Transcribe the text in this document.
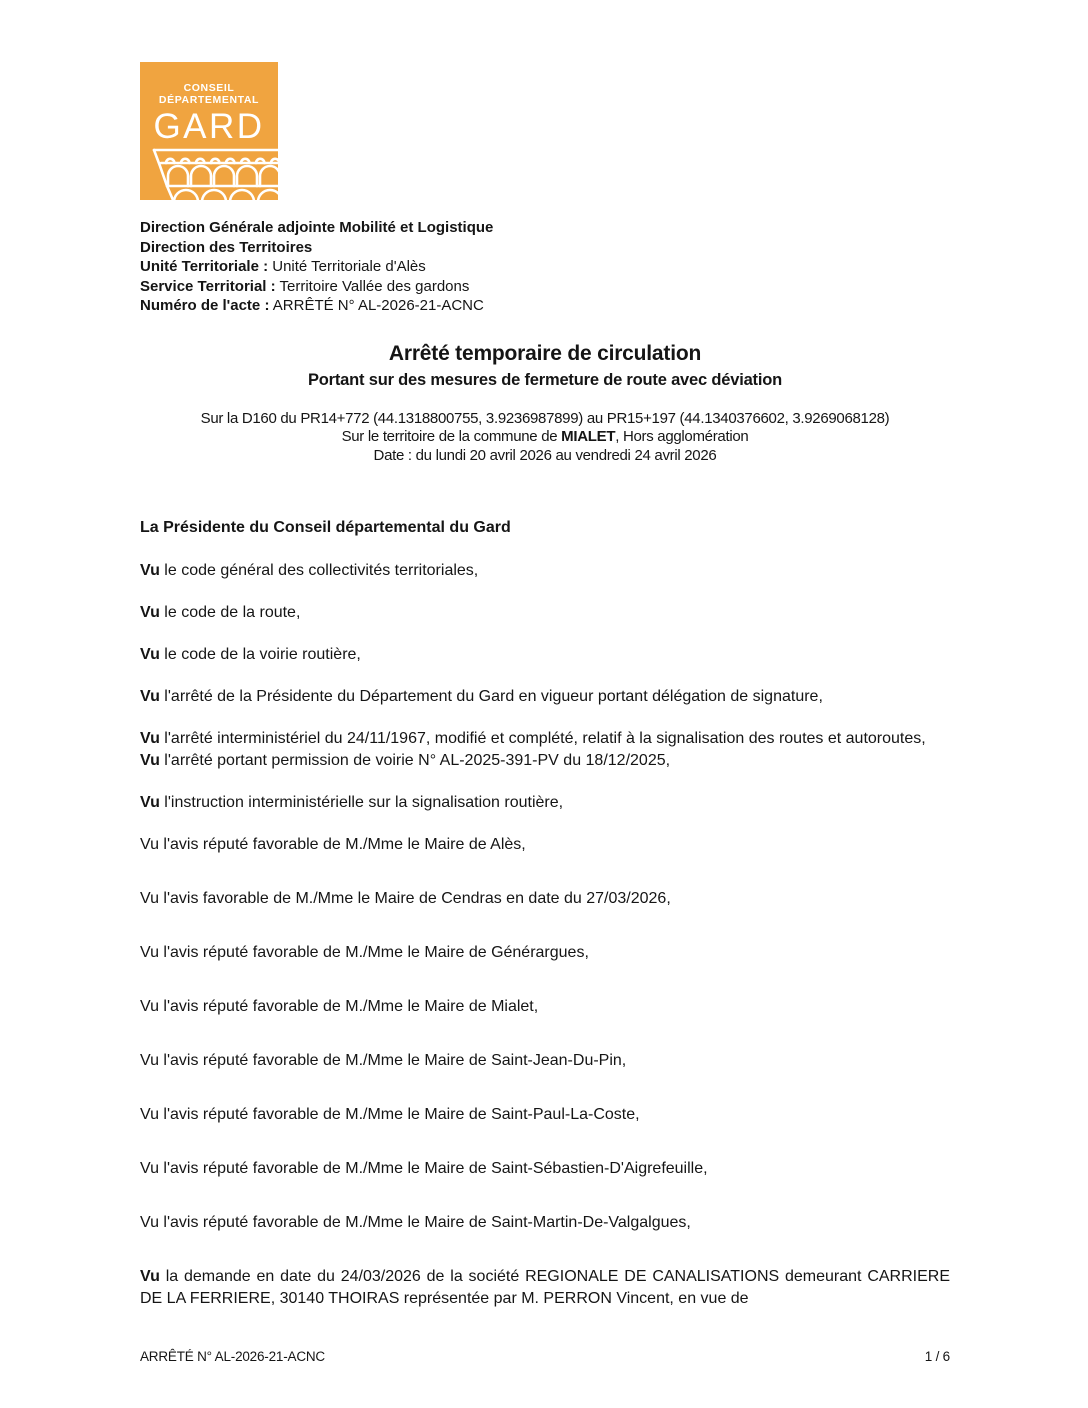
CONSEIL
DÉPARTEMENTAL
GARD
Direction Générale adjointe Mobilité et Logistique
Direction des Territoires
Unité Territoriale : Unité Territoriale d'Alès
Service Territorial : Territoire Vallée des gardons
Numéro de l'acte : ARRÊTÉ N° AL-2026-21-ACNC
Arrêté temporaire de circulation
Portant sur des mesures de fermeture de route avec déviation
Sur la D160 du PR14+772 (44.1318800755, 3.9236987899) au PR15+197 (44.1340376602, 3.9269068128)
Sur le territoire de la commune de MIALET, Hors agglomération
Date : du lundi 20 avril 2026 au vendredi 24 avril 2026
La Présidente du Conseil départemental du Gard

Vu le code général des collectivités territoriales,

Vu le code de la route,

Vu le code de la voirie routière,

Vu l'arrêté de la Présidente du Département du Gard en vigueur portant délégation de signature,

Vu l'arrêté interministériel du 24/11/1967, modifié et complété, relatif à la signalisation des routes et autoroutes,

Vu l'arrêté portant permission de voirie N° AL-2025-391-PV du 18/12/2025,

Vu l'instruction interministérielle sur la signalisation routière,

Vu l'avis réputé favorable de M./Mme le Maire de Alès,

Vu l'avis favorable de M./Mme le Maire de Cendras en date du 27/03/2026,

Vu l'avis réputé favorable de M./Mme le Maire de Générargues,

Vu l'avis réputé favorable de M./Mme le Maire de Mialet,

Vu l'avis réputé favorable de M./Mme le Maire de Saint-Jean-Du-Pin,

Vu l'avis réputé favorable de M./Mme le Maire de Saint-Paul-La-Coste,

Vu l'avis réputé favorable de M./Mme le Maire de Saint-Sébastien-D'Aigrefeuille,

Vu l'avis réputé favorable de M./Mme le Maire de Saint-Martin-De-Valgalgues,

Vu la demande en date du 24/03/2026 de la société REGIONALE DE CANALISATIONS demeurant CARRIERE DE LA FERRIERE, 30140 THOIRAS représentée par M. PERRON Vincent, en vue de

ARRÊTÉ N° AL-2026-21-ACNC	1 / 6
